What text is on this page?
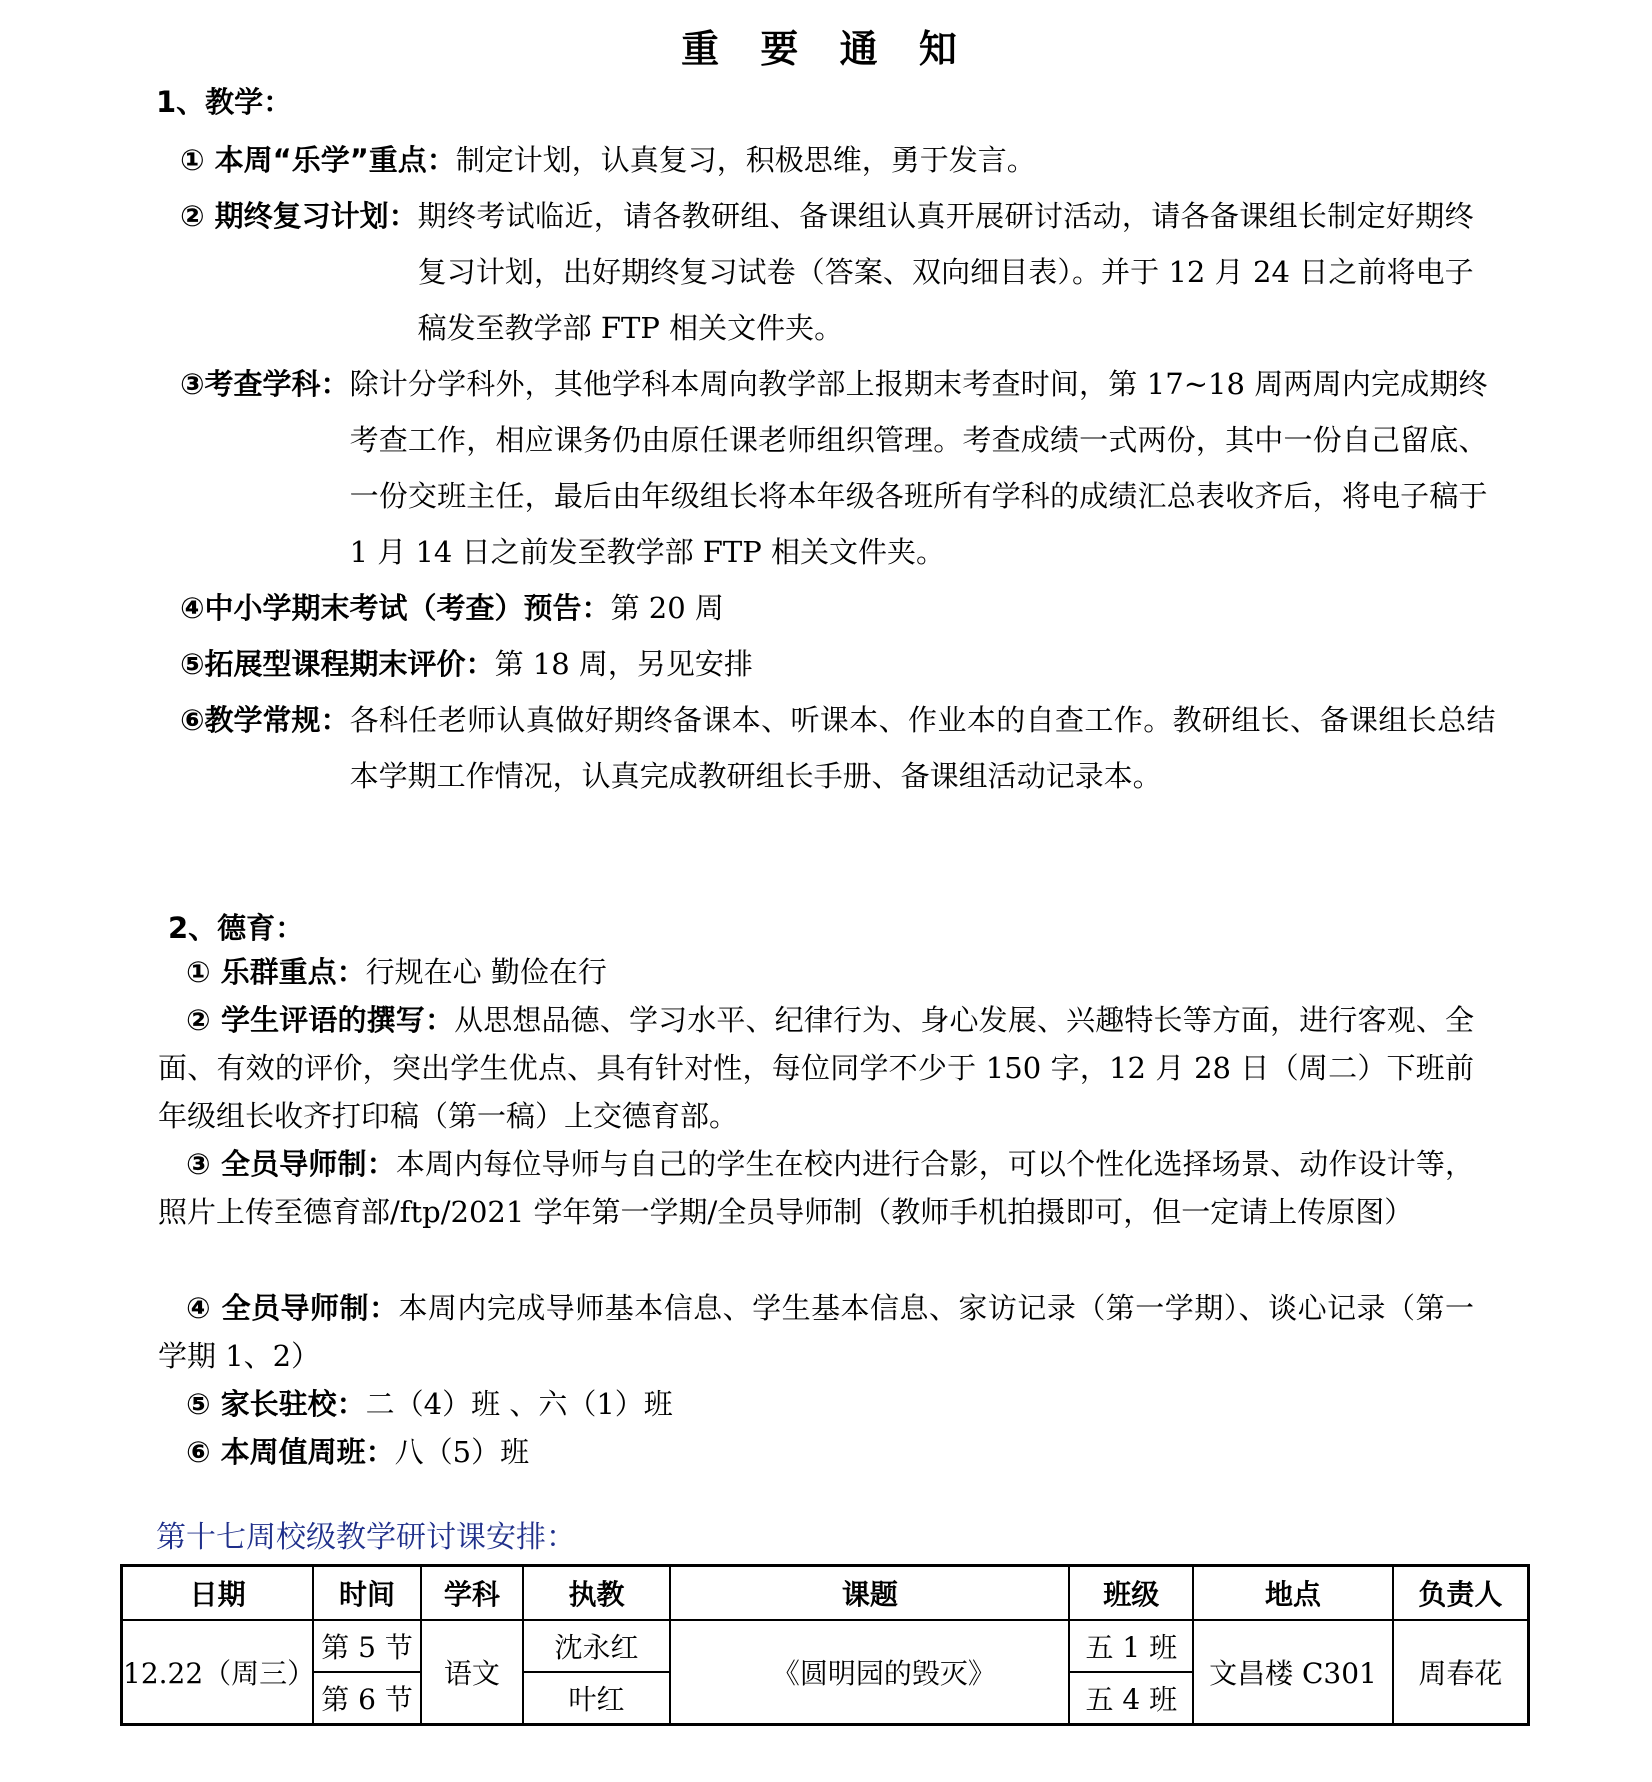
重 要 通 知
1、教学：
① 本周“乐学”重点：制定计划，认真复习，积极思维，勇于发言。
② 期终复习计划： 期终考试临近，请各教研组、备课组认真开展研讨活动，请各备课组长制定好期终复习计划，出好期终复习试卷（答案、双向细目表）。并于 12 月 24 日之前将电子稿发至教学部 FTP 相关文件夹。
③考查学科： 除计分学科外，其他学科本周向教学部上报期末考查时间，第 17~18 周两周内完成期终考查工作，相应课务仍由原任课老师组织管理。考查成绩一式两份，其中一份自己留底、一份交班主任，最后由年级组长将本年级各班所有学科的成绩汇总表收齐后，将电子稿于 1 月 14 日之前发至教学部 FTP 相关文件夹。
④中小学期末考试（考查）预告：第 20 周
⑤拓展型课程期末评价：第 18 周，另见安排
⑥教学常规： 各科任老师认真做好期终备课本、听课本、作业本的自查工作。教研组长、备课组长总结本学期工作情况，认真完成教研组长手册、备课组活动记录本。
2、德育：
① 乐群重点：行规在心 勤俭在行
② 学生评语的撰写：从思想品德、学习水平、纪律行为、身心发展、兴趣特长等方面，进行客观、全面、有效的评价，突出学生优点、具有针对性，每位同学不少于 150 字，12 月 28 日（周二）下班前年级组长收齐打印稿（第一稿）上交德育部。
③ 全员导师制：本周内每位导师与自己的学生在校内进行合影，可以个性化选择场景、动作设计等，照片上传至德育部/ftp/2021 学年第一学期/全员导师制（教师手机拍摄即可，但一定请上传原图）
④ 全员导师制：本周内完成导师基本信息、学生基本信息、家访记录（第一学期）、谈心记录（第一学期 1、2）
⑤ 家长驻校：二（4）班 、六（1）班
⑥ 本周值周班：八（5）班
第十七周校级教学研讨课安排：
日期	时间	学科	执教	课题	班级	地点	负责人
12.22（周三）	第 5 节	语文	沈永红	《圆明园的毁灭》	五 1 班	文昌楼 C301	周春花
	第 6 节		叶红		五 4 班		
